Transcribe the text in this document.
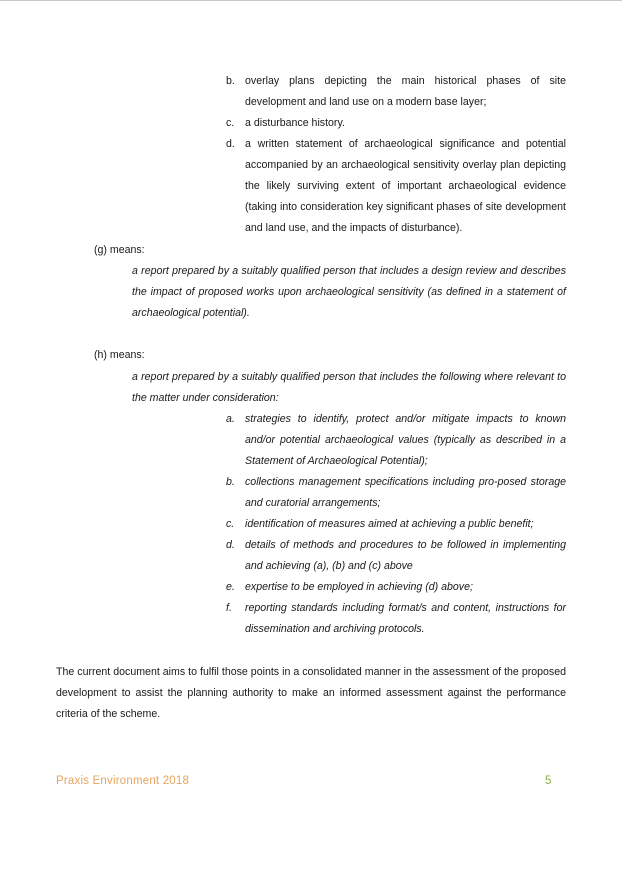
b. overlay plans depicting the main historical phases of site development and land use on a modern base layer;
c. a disturbance history.
d. a written statement of archaeological significance and potential accompanied by an archaeological sensitivity overlay plan depicting the likely surviving extent of important archaeological evidence (taking into consideration key significant phases of site development and land use, and the impacts of disturbance).
(g) means:
a report prepared by a suitably qualified person that includes a design review and describes the impact of proposed works upon archaeological sensitivity (as defined in a statement of archaeological potential).
(h) means:
a report prepared by a suitably qualified person that includes the following where relevant to the matter under consideration:
a. strategies to identify, protect and/or mitigate impacts to known and/or potential archaeological values (typically as described in a Statement of Archaeological Potential);
b. collections management specifications including pro-posed storage and curatorial arrangements;
c. identification of measures aimed at achieving a public benefit;
d. details of methods and procedures to be followed in implementing and achieving (a), (b) and (c) above
e. expertise to be employed in achieving (d) above;
f. reporting standards including format/s and content, instructions for dissemination and archiving protocols.
The current document aims to fulfil those points in a consolidated manner in the assessment of the proposed development to assist the planning authority to make an informed assessment against the performance criteria of the scheme.
Praxis Environment 2018	5
